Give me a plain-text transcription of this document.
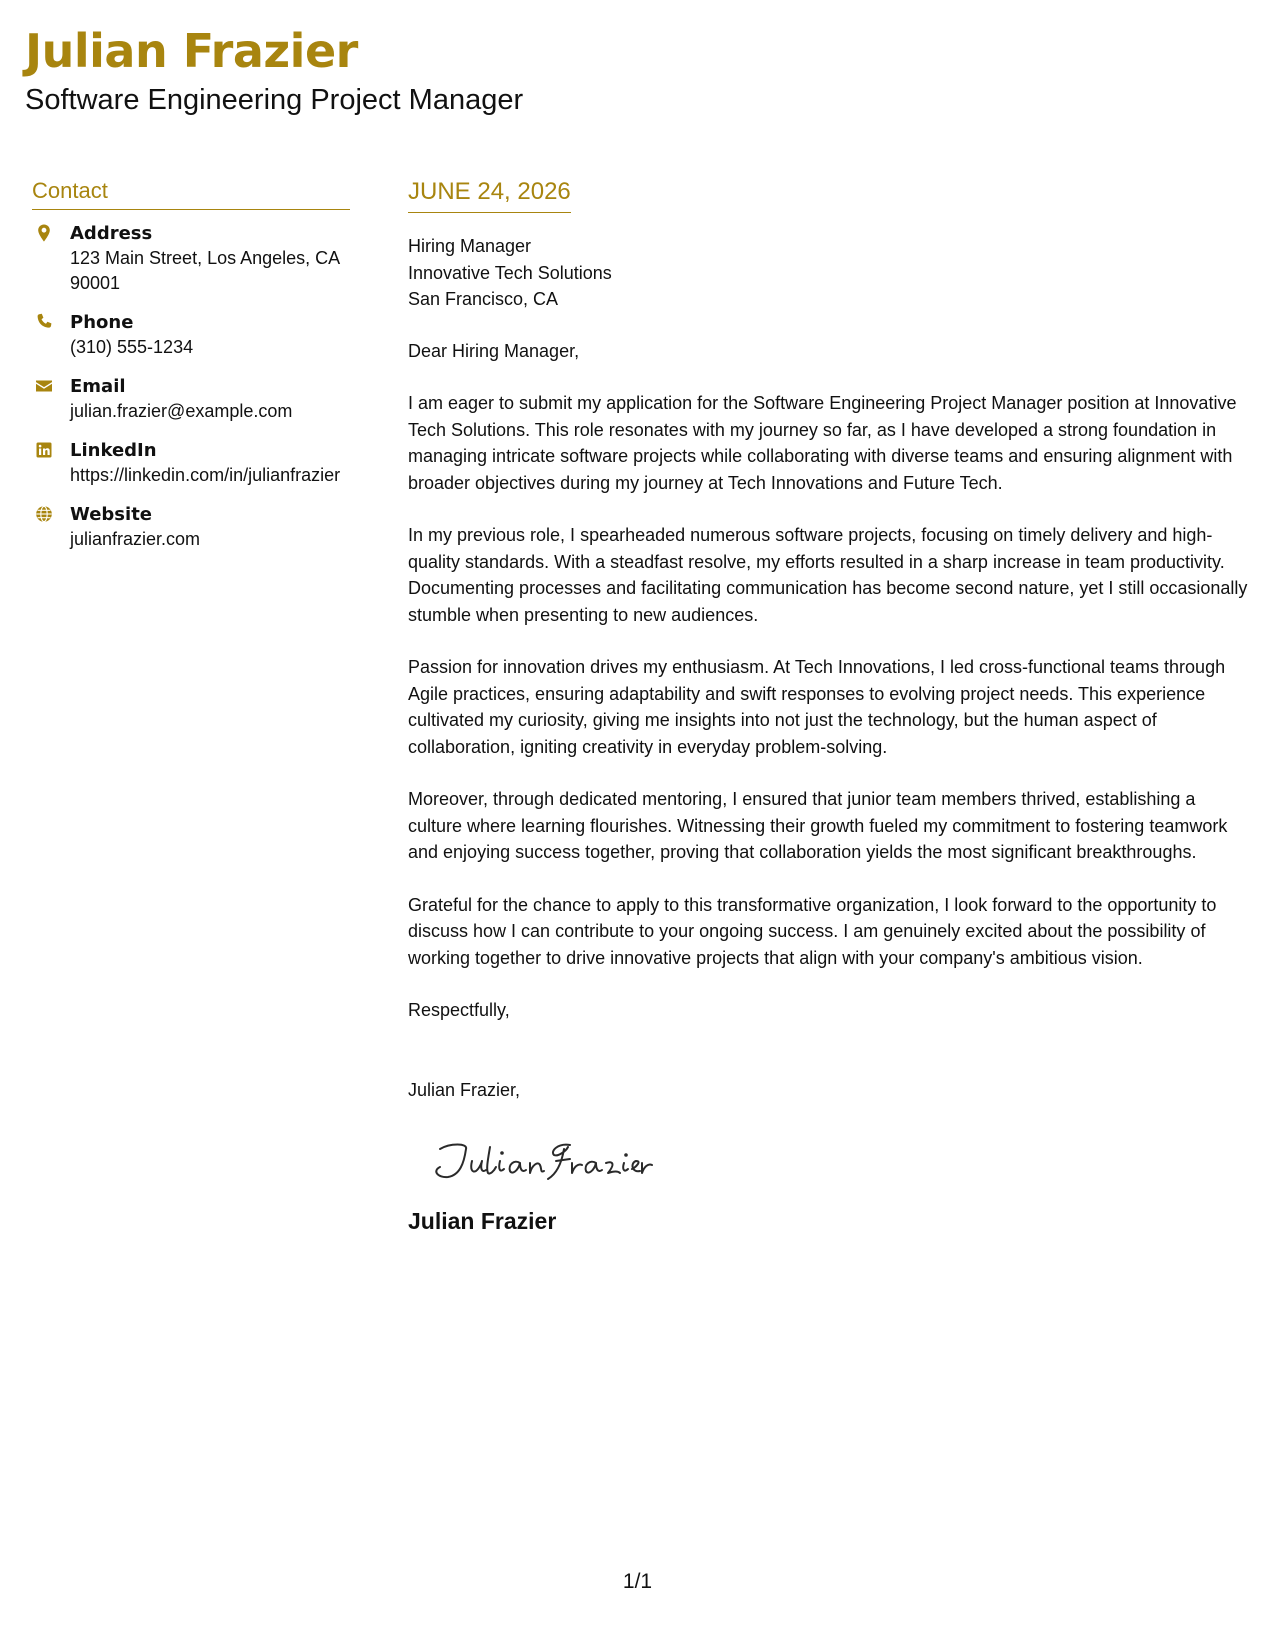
Julian Frazier
Software Engineering Project Manager
Contact
Address
123 Main Street, Los Angeles, CA 90001
Phone
(310) 555-1234
Email
julian.frazier@example.com
LinkedIn
https://linkedin.com/in/julianfrazier
Website
julianfrazier.com
JUNE 24, 2026
Hiring Manager
Innovative Tech Solutions
San Francisco, CA

Dear Hiring Manager,

I am eager to submit my application for the Software Engineering Project Manager position at Innovative Tech Solutions. This role resonates with my journey so far, as I have developed a strong foundation in managing intricate software projects while collaborating with diverse teams and ensuring alignment with broader objectives during my journey at Tech Innovations and Future Tech.

In my previous role, I spearheaded numerous software projects, focusing on timely delivery and high-quality standards. With a steadfast resolve, my efforts resulted in a sharp increase in team productivity. Documenting processes and facilitating communication has become second nature, yet I still occasionally stumble when presenting to new audiences.

Passion for innovation drives my enthusiasm. At Tech Innovations, I led cross-functional teams through Agile practices, ensuring adaptability and swift responses to evolving project needs. This experience cultivated my curiosity, giving me insights into not just the technology, but the human aspect of collaboration, igniting creativity in everyday problem-solving.

Moreover, through dedicated mentoring, I ensured that junior team members thrived, establishing a culture where learning flourishes. Witnessing their growth fueled my commitment to fostering teamwork and enjoying success together, proving that collaboration yields the most significant breakthroughs.

Grateful for the chance to apply to this transformative organization, I look forward to the opportunity to discuss how I can contribute to your ongoing success. I am genuinely excited about the possibility of working together to drive innovative projects that align with your company's ambitious vision.

Respectfully,

Julian Frazier,

Julian Frazier
1/1
